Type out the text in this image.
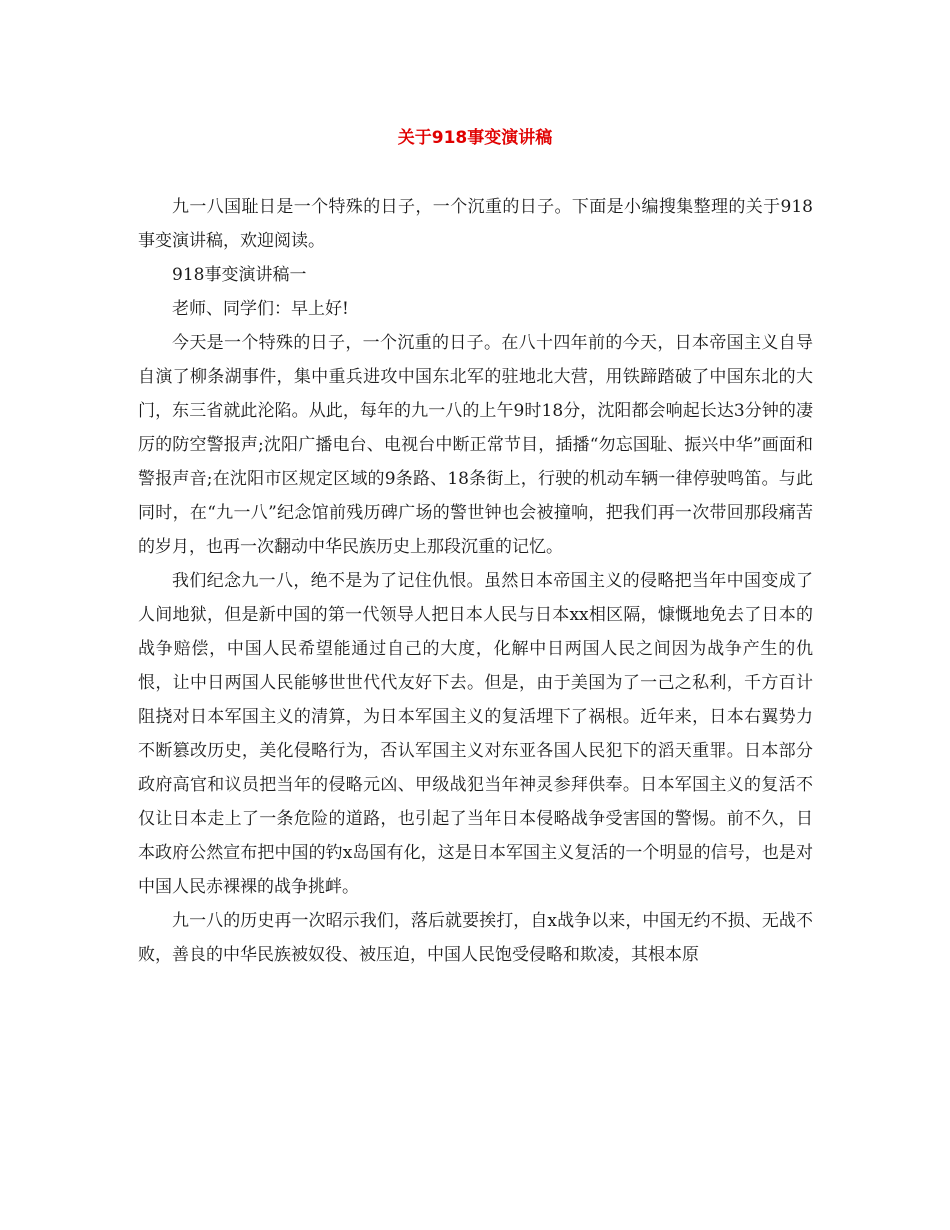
关于918事变演讲稿

九一八国耻日是一个特殊的日子，一个沉重的日子。下面是小编搜集整理的关于918事变演讲稿，欢迎阅读。

918事变演讲稿一

老师、同学们：早上好!

今天是一个特殊的日子，一个沉重的日子。在八十四年前的今天，日本帝国主义自导自演了柳条湖事件，集中重兵进攻中国东北军的驻地北大营，用铁蹄踏破了中国东北的大门，东三省就此沦陷。从此，每年的九一八的上午9时18分，沈阳都会响起长达3分钟的凄厉的防空警报声;沈阳广播电台、电视台中断正常节目，插播“勿忘国耻、振兴中华”画面和警报声音;在沈阳市区规定区域的9条路、18条街上，行驶的机动车辆一律停驶鸣笛。与此同时，在“九一八”纪念馆前残历碑广场的警世钟也会被撞响，把我们再一次带回那段痛苦的岁月，也再一次翻动中华民族历史上那段沉重的记忆。

我们纪念九一八，绝不是为了记住仇恨。虽然日本帝国主义的侵略把当年中国变成了人间地狱，但是新中国的第一代领导人把日本人民与日本xx相区隔，慷慨地免去了日本的战争赔偿，中国人民希望能通过自己的大度，化解中日两国人民之间因为战争产生的仇恨，让中日两国人民能够世世代代友好下去。但是，由于美国为了一己之私利，千方百计阻挠对日本军国主义的清算，为日本军国主义的复活埋下了祸根。近年来，日本右翼势力不断篡改历史，美化侵略行为，否认军国主义对东亚各国人民犯下的滔天重罪。日本部分政府高官和议员把当年的侵略元凶、甲级战犯当年神灵参拜供奉。日本军国主义的复活不仅让日本走上了一条危险的道路，也引起了当年日本侵略战争受害国的警惕。前不久，日本政府公然宣布把中国的钓x岛国有化，这是日本军国主义复活的一个明显的信号，也是对中国人民赤裸裸的战争挑衅。

九一八的历史再一次昭示我们，落后就要挨打，自x战争以来，中国无约不损、无战不败，善良的中华民族被奴役、被压迫，中国人民饱受侵略和欺凌，其根本原
